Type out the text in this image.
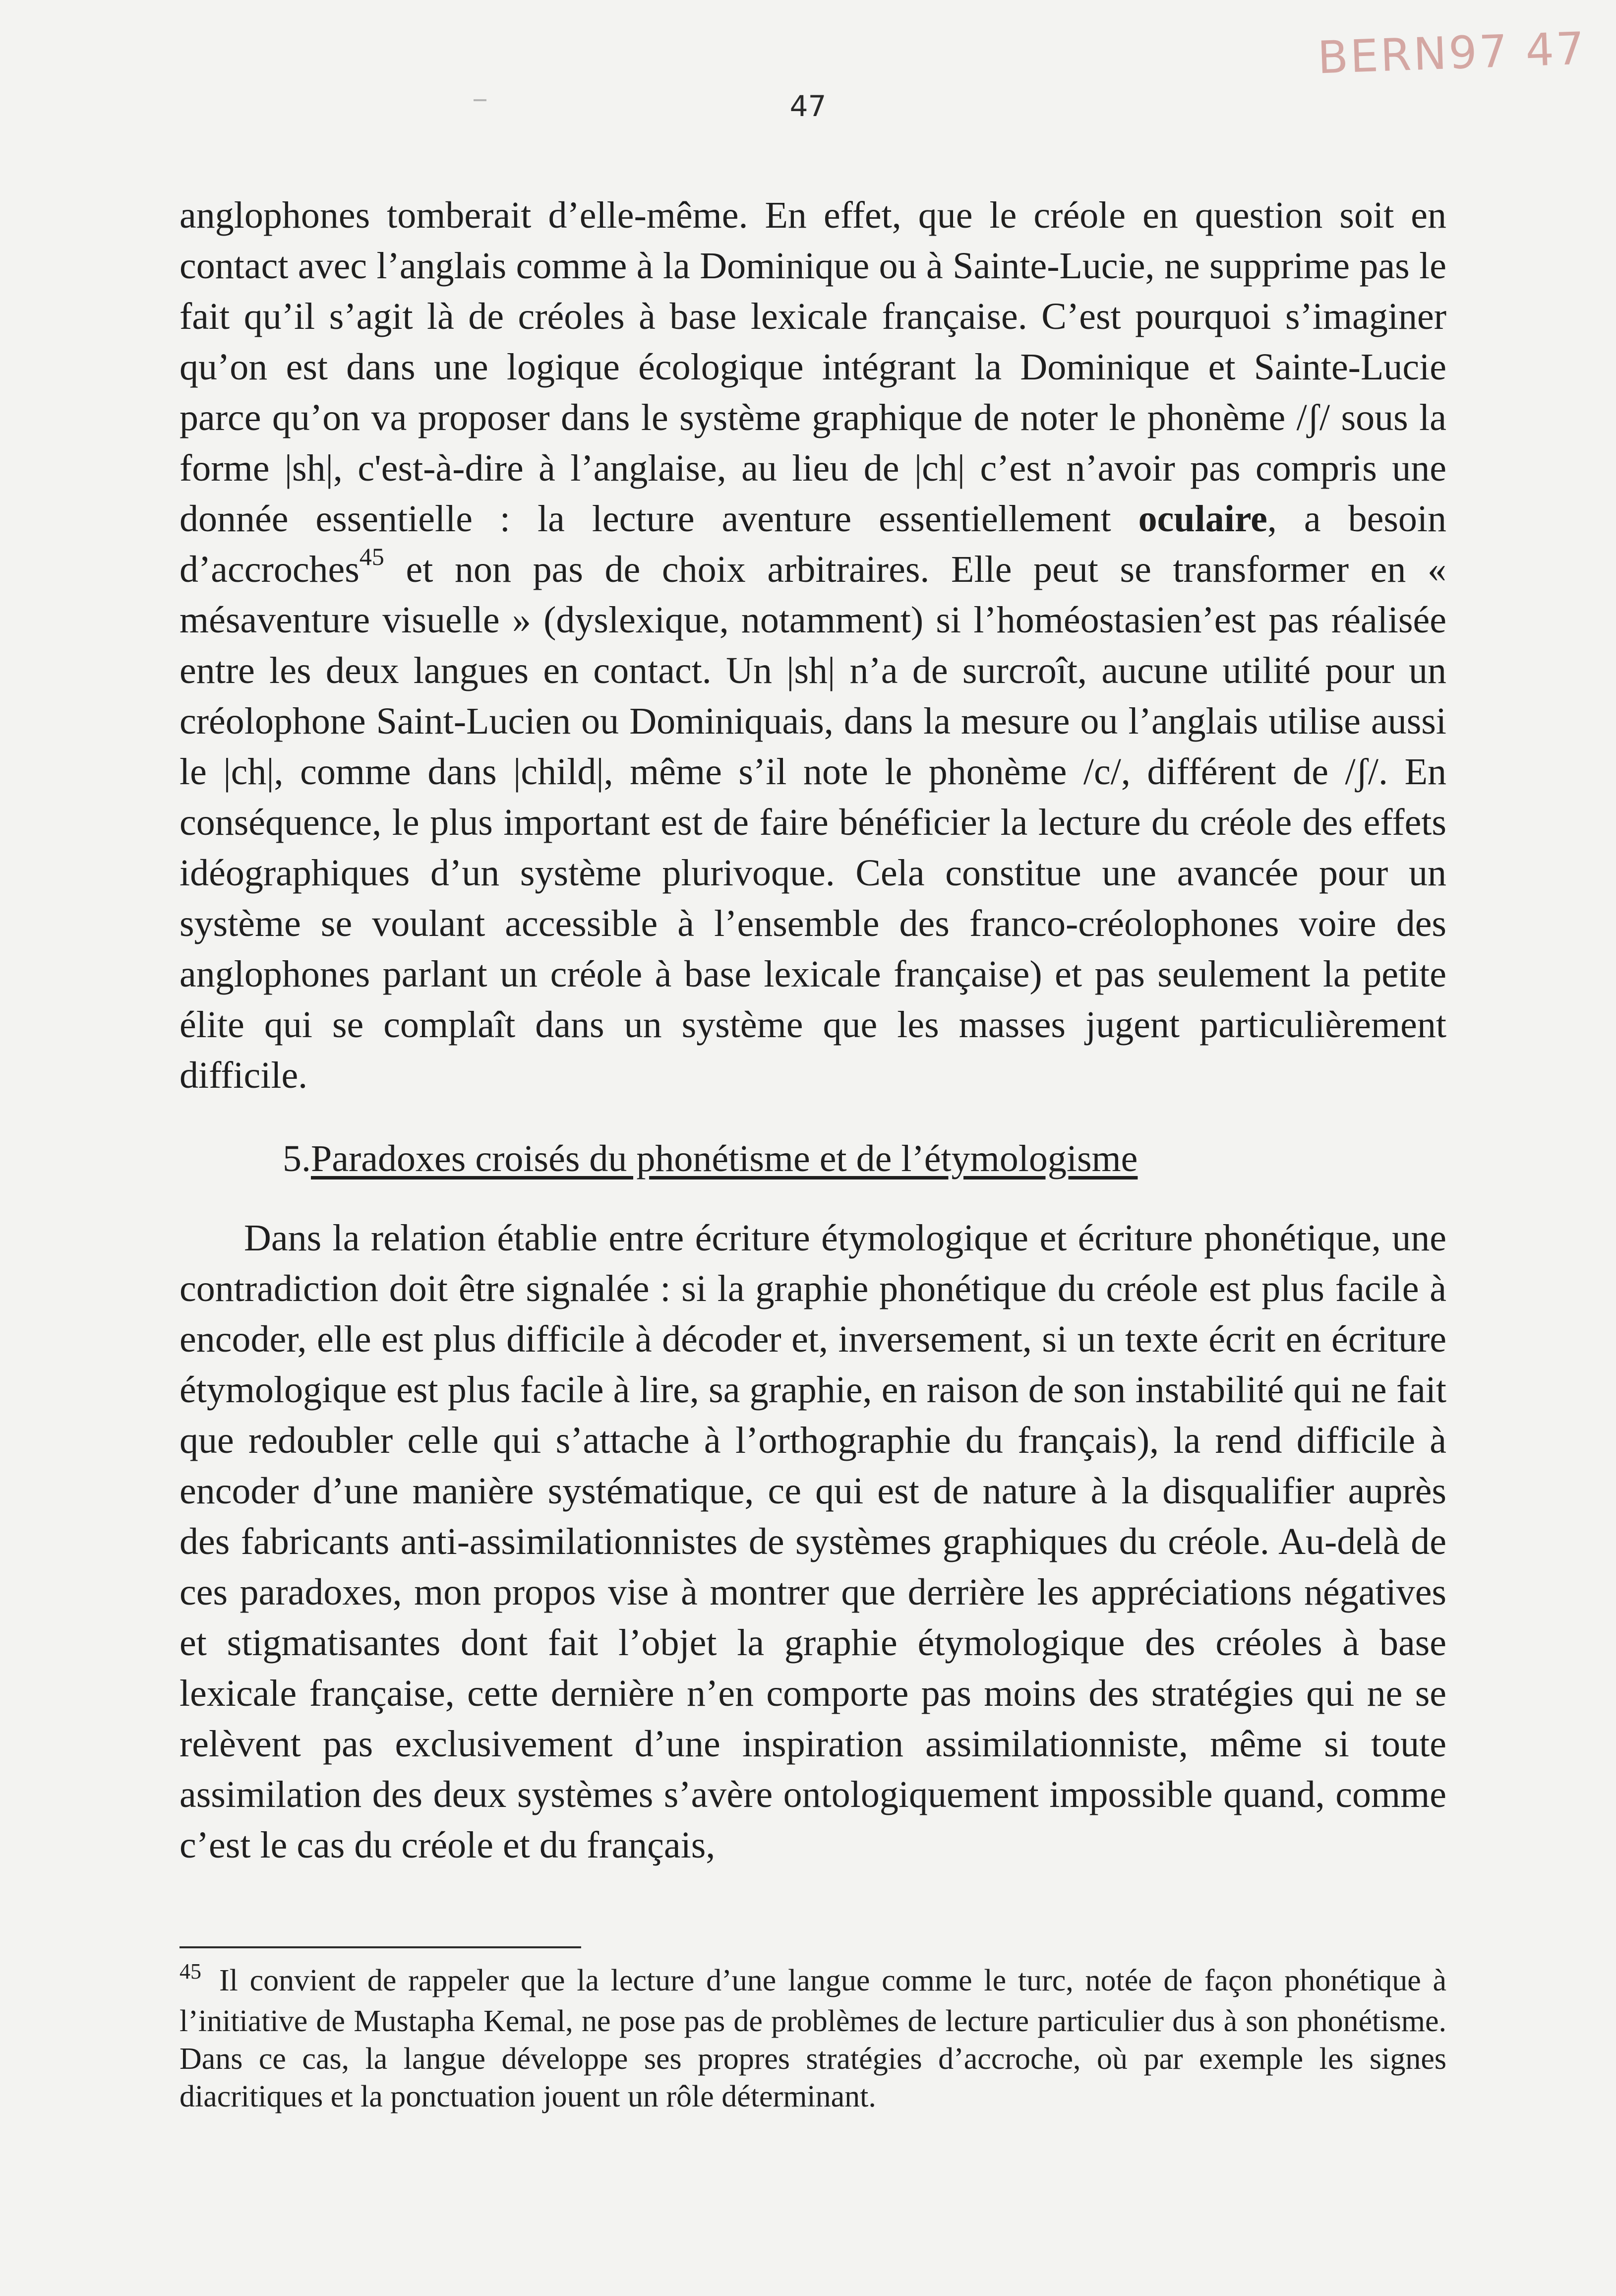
BERN97 47
47

anglophones tomberait d’elle-même. En effet, que le créole en question soit en contact avec l’anglais comme à la Dominique ou à Sainte-Lucie, ne supprime pas le fait qu’il s’agit là de créoles à base lexicale française. C’est pourquoi s’imaginer qu’on est dans une logique écologique intégrant la Dominique et Sainte-Lucie parce qu’on va proposer dans le système graphique de noter le phonème /ʃ/ sous la forme |sh|, c'est-à-dire à l’anglaise, au lieu de |ch| c’est n’avoir pas compris une donnée essentielle : la lecture aventure essentiellement oculaire, a besoin d’accroches$^{45}$ et non pas de choix arbitraires. Elle peut se transformer en « mésaventure visuelle » (dyslexique, notamment) si l’homéostasien’est pas réalisée entre les deux langues en contact. Un |sh| n’a de surcroît, aucune utilité pour un créolophone Saint-Lucien ou Dominiquais, dans la mesure ou l’anglais utilise aussi le |ch|, comme dans |child|, même s’il note le phonème /c/, différent de /ʃ/. En conséquence, le plus important est de faire bénéficier la lecture du créole des effets idéographiques d’un système plurivoque. Cela constitue une avancée pour un système se voulant accessible à l’ensemble des franco-créolophones voire des anglophones parlant un créole à base lexicale française) et pas seulement la petite élite qui se complaît dans un système que les masses jugent particulièrement difficile.

5.Paradoxes croisés du phonétisme et de l’étymologisme

Dans la relation établie entre écriture étymologique et écriture phonétique, une contradiction doit être signalée : si la graphie phonétique du créole est plus facile à encoder, elle est plus difficile à décoder et, inversement, si un texte écrit en écriture étymologique est plus facile à lire, sa graphie, en raison de son instabilité qui ne fait que redoubler celle qui s’attache à l’orthographie du français), la rend difficile à encoder d’une manière systématique, ce qui est de nature à la disqualifier auprès des fabricants anti-assimilationnistes de systèmes graphiques du créole. Au-delà de ces paradoxes, mon propos vise à montrer que derrière les appréciations négatives et stigmatisantes dont fait l’objet la graphie étymologique des créoles à base lexicale française, cette dernière n’en comporte pas moins des stratégies qui ne se relèvent pas exclusivement d’une inspiration assimilationniste, même si toute assimilation des deux systèmes s’avère ontologiquement impossible quand, comme c’est le cas du créole et du français,

$^{45}$ Il convient de rappeler que la lecture d’une langue comme le turc, notée de façon phonétique à l’initiative de Mustapha Kemal, ne pose pas de problèmes de lecture particulier dus à son phonétisme. Dans ce cas, la langue développe ses propres stratégies d’accroche, où par exemple les signes diacritiques et la ponctuation jouent un rôle déterminant.
